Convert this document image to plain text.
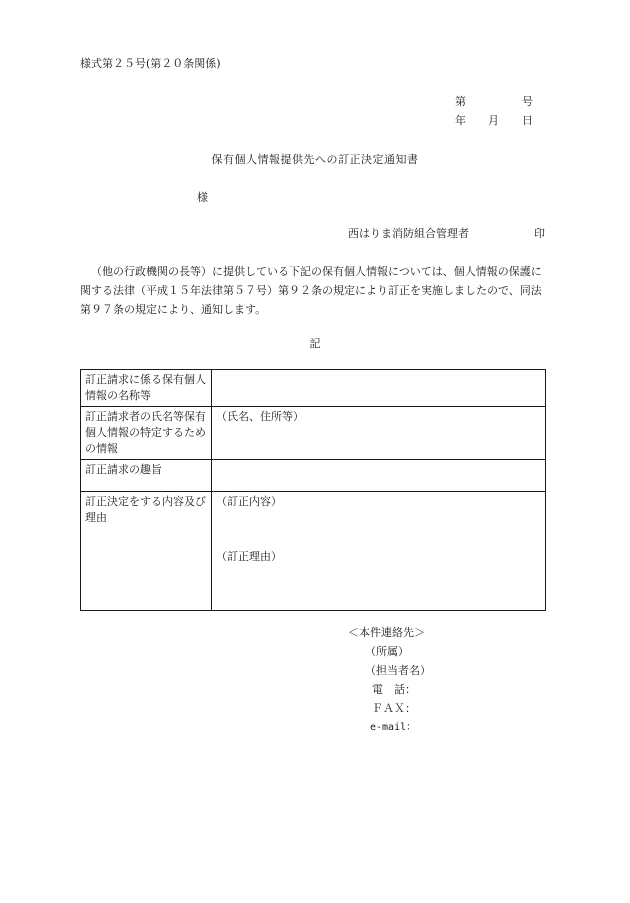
様式第２５号(第２０条関係)
第	号
年 月 日
保有個人情報提供先への訂正決定通知書
様
西はりま消防組合管理者	印
（他の行政機関の長等）に提供している下記の保有個人情報については、個人情報の保護に関する法律（平成１５年法律第５７号）第９２条の規定により訂正を実施しましたので、同法第９７条の規定により、通知します。
記
訂正請求に係る保有個人情報の名称等	
訂正請求者の氏名等保有個人情報の特定するための情報	（氏名、住所等）
訂正請求の趣旨	
訂正決定をする内容及び理由	（訂正内容）
（訂正理由）
＜本件連絡先＞
（所属）
（担当者名）
電　話：
ＦＡＸ：
e-mail：
